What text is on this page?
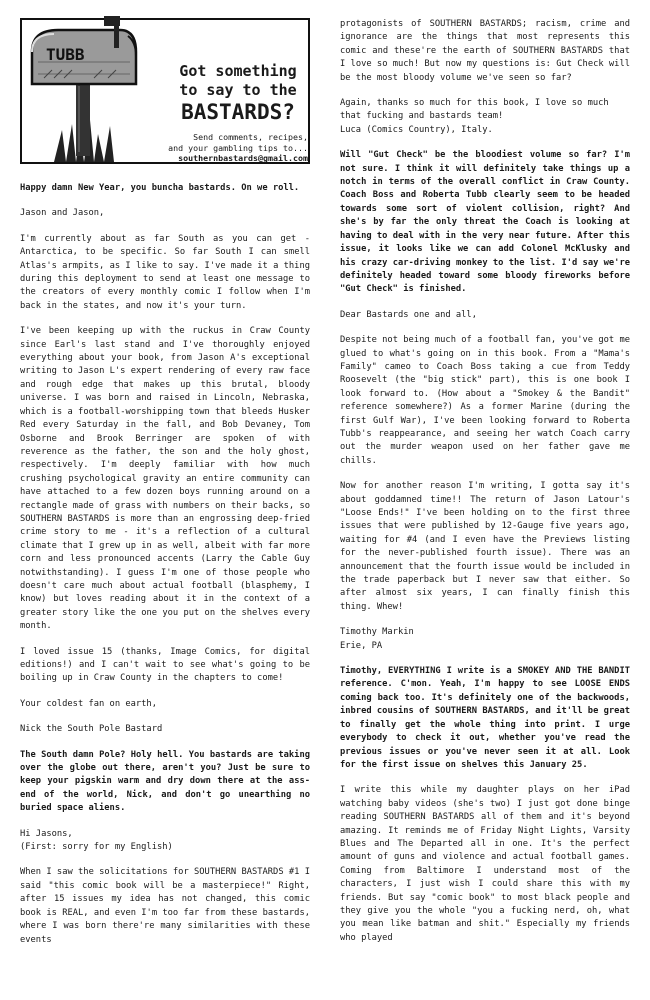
TUBB
Got something
to say to the
BASTARDS?
Send comments, recipes,
and your gambling tips to...
southernbastards@gmail.com

Happy damn New Year, you buncha bastards. On we roll.

Jason and Jason,

I'm currently about as far South as you can get - Antarctica, to be specific. So far South I can smell Atlas's armpits, as I like to say. I've made it a thing during this deployment to send at least one message to the creators of every monthly comic I follow when I'm back in the states, and now it's your turn.

I've been keeping up with the ruckus in Craw County since Earl's last stand and I've thoroughly enjoyed everything about your book, from Jason A's exceptional writing to Jason L's expert rendering of every raw face and rough edge that makes up this brutal, bloody universe. I was born and raised in Lincoln, Nebraska, which is a football-worshipping town that bleeds Husker Red every Saturday in the fall, and Bob Devaney, Tom Osborne and Brook Berringer are spoken of with reverence as the father, the son and the holy ghost, respectively. I'm deeply familiar with how much crushing psychological gravity an entire community can have attached to a few dozen boys running around on a rectangle made of grass with numbers on their backs, so SOUTHERN BASTARDS is more than an engrossing deep-fried crime story to me - it's a reflection of a cultural climate that I grew up in as well, albeit with far more corn and less pronounced accents (Larry the Cable Guy notwithstanding). I guess I'm one of those people who doesn't care much about actual football (blasphemy, I know) but loves reading about it in the context of a greater story like the one you put on the shelves every month.

I loved issue 15 (thanks, Image Comics, for digital editions!) and I can't wait to see what's going to be boiling up in Craw County in the chapters to come!

Your coldest fan on earth,

Nick the South Pole Bastard

The South damn Pole? Holy hell. You bastards are taking over the globe out there, aren't you? Just be sure to keep your pigskin warm and dry down there at the ass-end of the world, Nick, and don't go unearthing no buried space aliens.

Hi Jasons,
(First: sorry for my English)

When I saw the solicitations for SOUTHERN BASTARDS #1 I said "this comic book will be a masterpiece!" Right, after 15 issues my idea has not changed, this comic book is REAL, and even I'm too far from these bastards, where I was born there're many similarities with these events

protagonists of SOUTHERN BASTARDS; racism, crime and ignorance are the things that most represents this comic and these're the earth of SOUTHERN BASTARDS that I love so much! But now my questions is: Gut Check will be the most bloody volume we've seen so far?

Again, thanks so much for this book, I love so much that fucking and bastards team!
Luca (Comics Country), Italy.

Will "Gut Check" be the bloodiest volume so far? I'm not sure. I think it will definitely take things up a notch in terms of the overall conflict in Craw County. Coach Boss and Roberta Tubb clearly seem to be headed towards some sort of violent collision, right? And she's by far the only threat the Coach is looking at having to deal with in the very near future. After this issue, it looks like we can add Colonel McKlusky and his crazy car-driving monkey to the list. I'd say we're definitely headed toward some bloody fireworks before "Gut Check" is finished.

Dear Bastards one and all,

Despite not being much of a football fan, you've got me glued to what's going on in this book. From a "Mama's Family" cameo to Coach Boss taking a cue from Teddy Roosevelt (the "big stick" part), this is one book I look forward to. (How about a "Smokey & the Bandit" reference somewhere?) As a former Marine (during the first Gulf War), I've been looking forward to Roberta Tubb's reappearance, and seeing her watch Coach carry out the murder weapon used on her father gave me chills.

Now for another reason I'm writing, I gotta say it's about goddamned time!! The return of Jason Latour's "Loose Ends!" I've been holding on to the first three issues that were published by 12-Gauge five years ago, waiting for #4 (and I even have the Previews listing for the never-published fourth issue). There was an announcement that the fourth issue would be included in the trade paperback but I never saw that either. So after almost six years, I can finally finish this thing. Whew!

Timothy Markin
Erie, PA

Timothy, EVERYTHING I write is a SMOKEY AND THE BANDIT reference. C'mon. Yeah, I'm happy to see LOOSE ENDS coming back too. It's definitely one of the backwoods, inbred cousins of SOUTHERN BASTARDS, and it'll be great to finally get the whole thing into print. I urge everybody to check it out, whether you've read the previous issues or you've never seen it at all. Look for the first issue on shelves this January 25.

I write this while my daughter plays on her iPad watching baby videos (she's two) I just got done binge reading SOUTHERN BASTARDS all of them and it's beyond amazing. It reminds me of Friday Night Lights, Varsity Blues and The Departed all in one. It's the perfect amount of guns and violence and actual football games. Coming from Baltimore I understand most of the characters, I just wish I could share this with my friends. But say "comic book" to most black people and they give you the whole "you a fucking nerd, oh, what you mean like batman and shit." Especially my friends who played
